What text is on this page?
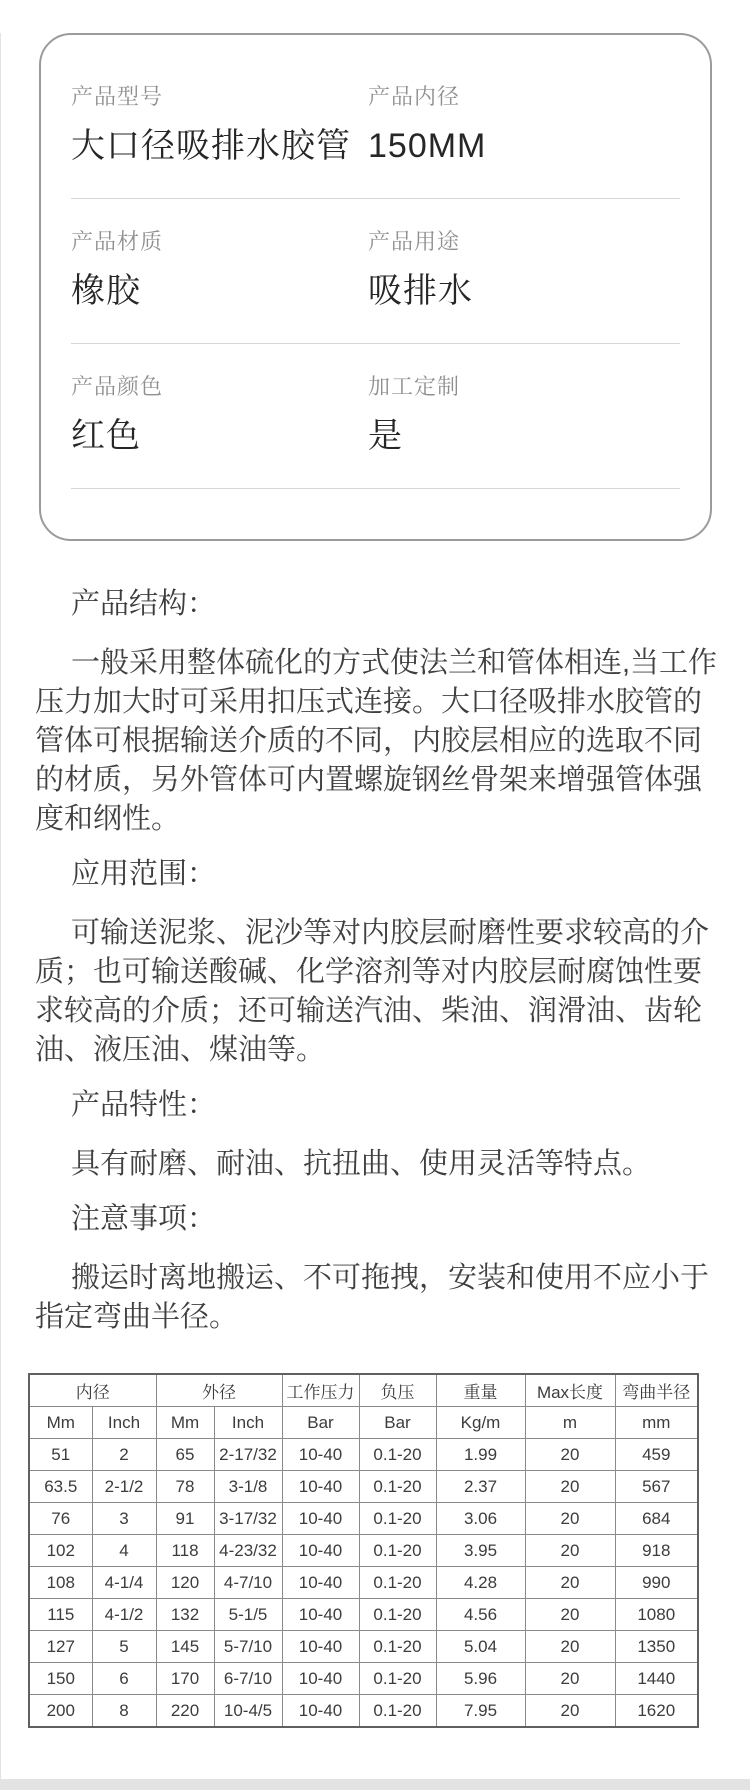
产品型号
大口径吸排水胶管
产品内径
150MM
产品材质
橡胶
产品用途
吸排水
产品颜色
红色
加工定制
是
产品结构：

一般采用整体硫化的方式使法兰和管体相连,当工作压力加大时可采用扣压式连接。大口径吸排水胶管的管体可根据输送介质的不同，内胶层相应的选取不同的材质，另外管体可内置螺旋钢丝骨架来增强管体强度和纲性。

应用范围：

可输送泥浆、泥沙等对内胶层耐磨性要求较高的介质；也可输送酸碱、化学溶剂等对内胶层耐腐蚀性要求较高的介质；还可输送汽油、柴油、润滑油、齿轮油、液压油、煤油等。

产品特性：

具有耐磨、耐油、抗扭曲、使用灵活等特点。

注意事项：

搬运时离地搬运、不可拖拽，安装和使用不应小于指定弯曲半径。

内径		外径		工作压力	负压	重量	Max长度	弯曲半径
Mm	Inch	Mm	Inch	Bar	Bar	Kg/m	m	mm
51	2	65	2-17/32	10-40	0.1-20	1.99	20	459
63.5	2-1/2	78	3-1/8	10-40	0.1-20	2.37	20	567
76	3	91	3-17/32	10-40	0.1-20	3.06	20	684
102	4	118	4-23/32	10-40	0.1-20	3.95	20	918
108	4-1/4	120	4-7/10	10-40	0.1-20	4.28	20	990
115	4-1/2	132	5-1/5	10-40	0.1-20	4.56	20	1080
127	5	145	5-7/10	10-40	0.1-20	5.04	20	1350
150	6	170	6-7/10	10-40	0.1-20	5.96	20	1440
200	8	220	10-4/5	10-40	0.1-20	7.95	20	1620
